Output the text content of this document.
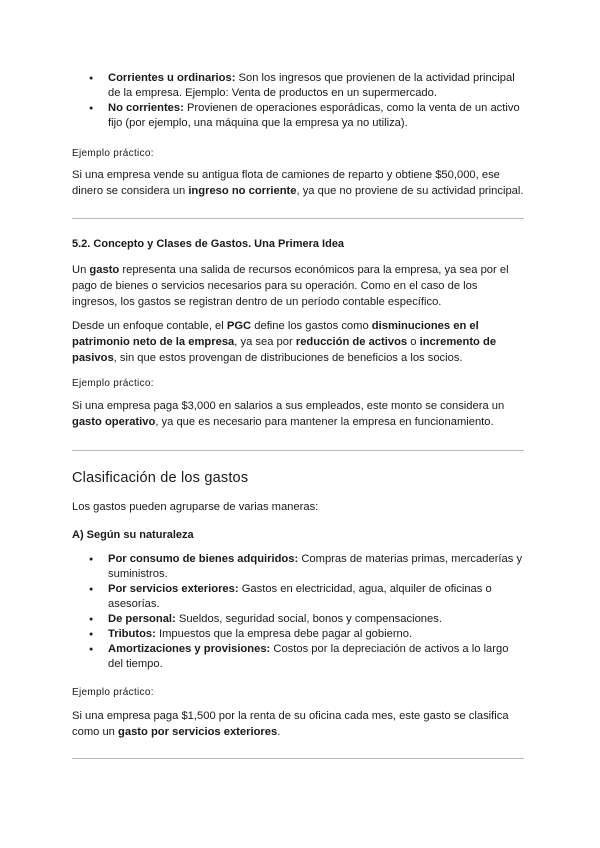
● Corrientes u ordinarios: Son los ingresos que provienen de la actividad principal de la empresa. Ejemplo: Venta de productos en un supermercado.
● No corrientes: Provienen de operaciones esporádicas, como la venta de un activo fijo (por ejemplo, una máquina que la empresa ya no utiliza).

Ejemplo práctico:

Si una empresa vende su antigua flota de camiones de reparto y obtiene $50,000, ese dinero se considera un ingreso no corriente, ya que no proviene de su actividad principal.

5.2. Concepto y Clases de Gastos. Una Primera Idea

Un gasto representa una salida de recursos económicos para la empresa, ya sea por el pago de bienes o servicios necesarios para su operación. Como en el caso de los ingresos, los gastos se registran dentro de un período contable específico.

Desde un enfoque contable, el PGC define los gastos como disminuciones en el patrimonio neto de la empresa, ya sea por reducción de activos o incremento de pasivos, sin que estos provengan de distribuciones de beneficios a los socios.

Ejemplo práctico:

Si una empresa paga $3,000 en salarios a sus empleados, este monto se considera un gasto operativo, ya que es necesario para mantener la empresa en funcionamiento.

Clasificación de los gastos

Los gastos pueden agruparse de varias maneras:

A) Según su naturaleza

● Por consumo de bienes adquiridos: Compras de materias primas, mercaderías y suministros.
● Por servicios exteriores: Gastos en electricidad, agua, alquiler de oficinas o asesorías.
● De personal: Sueldos, seguridad social, bonos y compensaciones.
● Tributos: Impuestos que la empresa debe pagar al gobierno.
● Amortizaciones y provisiones: Costos por la depreciación de activos a lo largo del tiempo.

Ejemplo práctico:

Si una empresa paga $1,500 por la renta de su oficina cada mes, este gasto se clasifica como un gasto por servicios exteriores.
